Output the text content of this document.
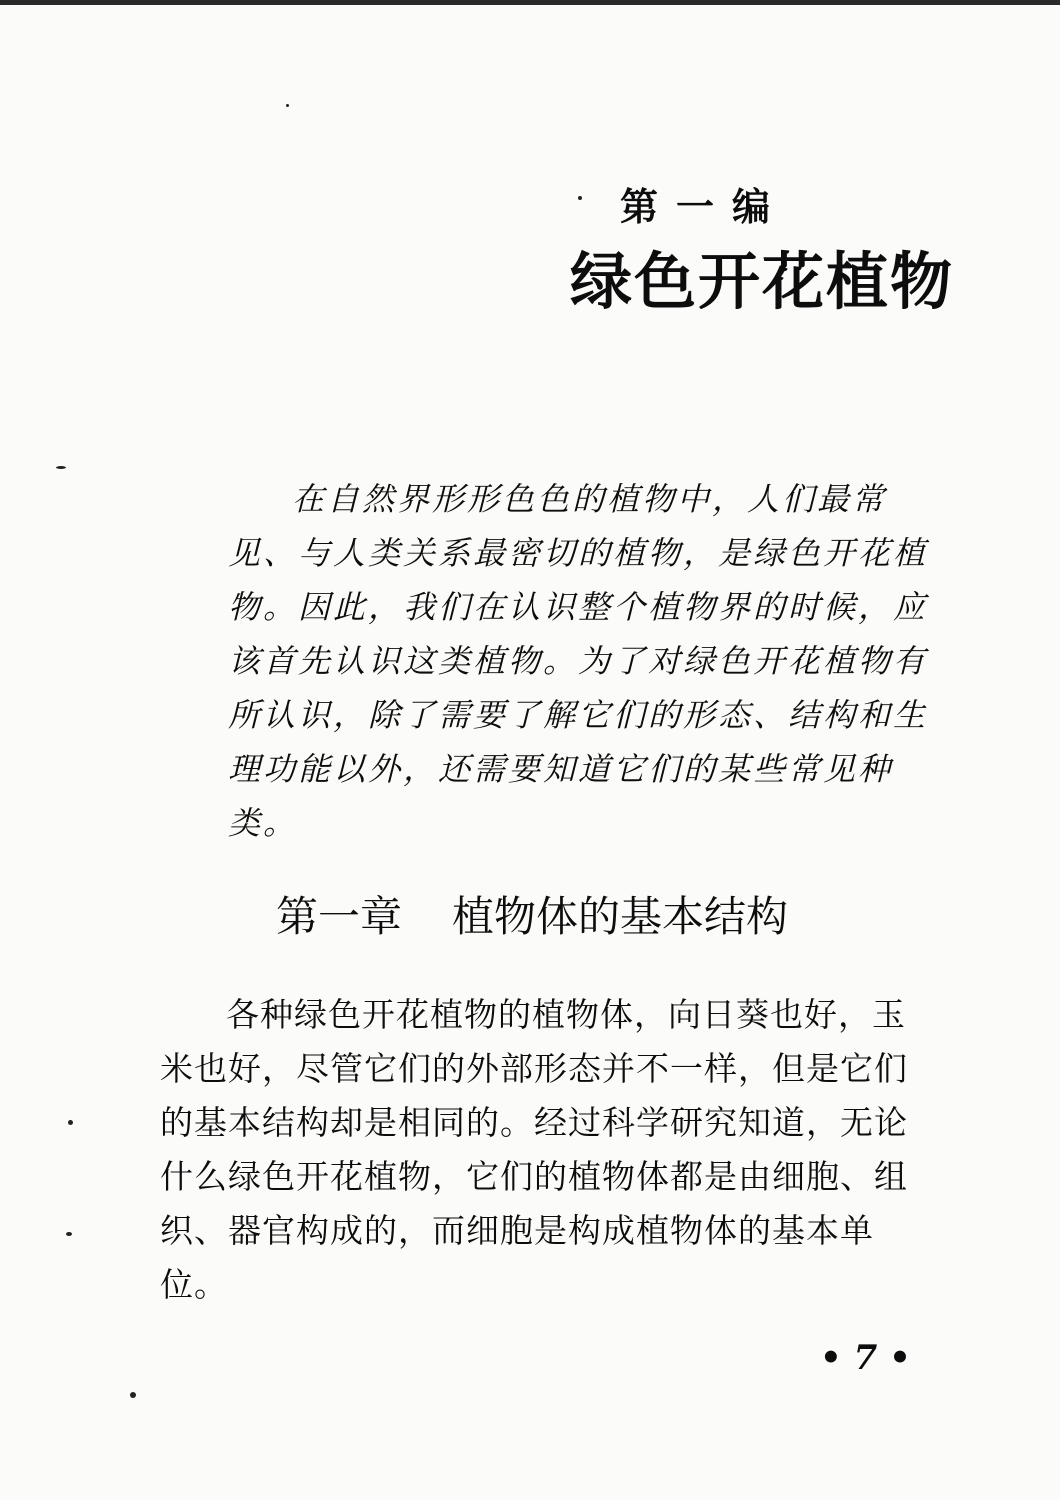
第一编
绿色开花植物

在自然界形形色色的植物中，人们最常见、与人类关系最密切的植物，是绿色开花植物。因此，我们在认识整个植物界的时候，应该首先认识这类植物。为了对绿色开花植物有所认识，除了需要了解它们的形态、结构和生理功能以外，还需要知道它们的某些常见种类。

第一章 植物体的基本结构

各种绿色开花植物的植物体，向日葵也好，玉米也好，尽管它们的外部形态并不一样，但是它们的基本结构却是相同的。经过科学研究知道，无论什么绿色开花植物，它们的植物体都是由细胞、组织、器官构成的，而细胞是构成植物体的基本单位。

• 7 •
